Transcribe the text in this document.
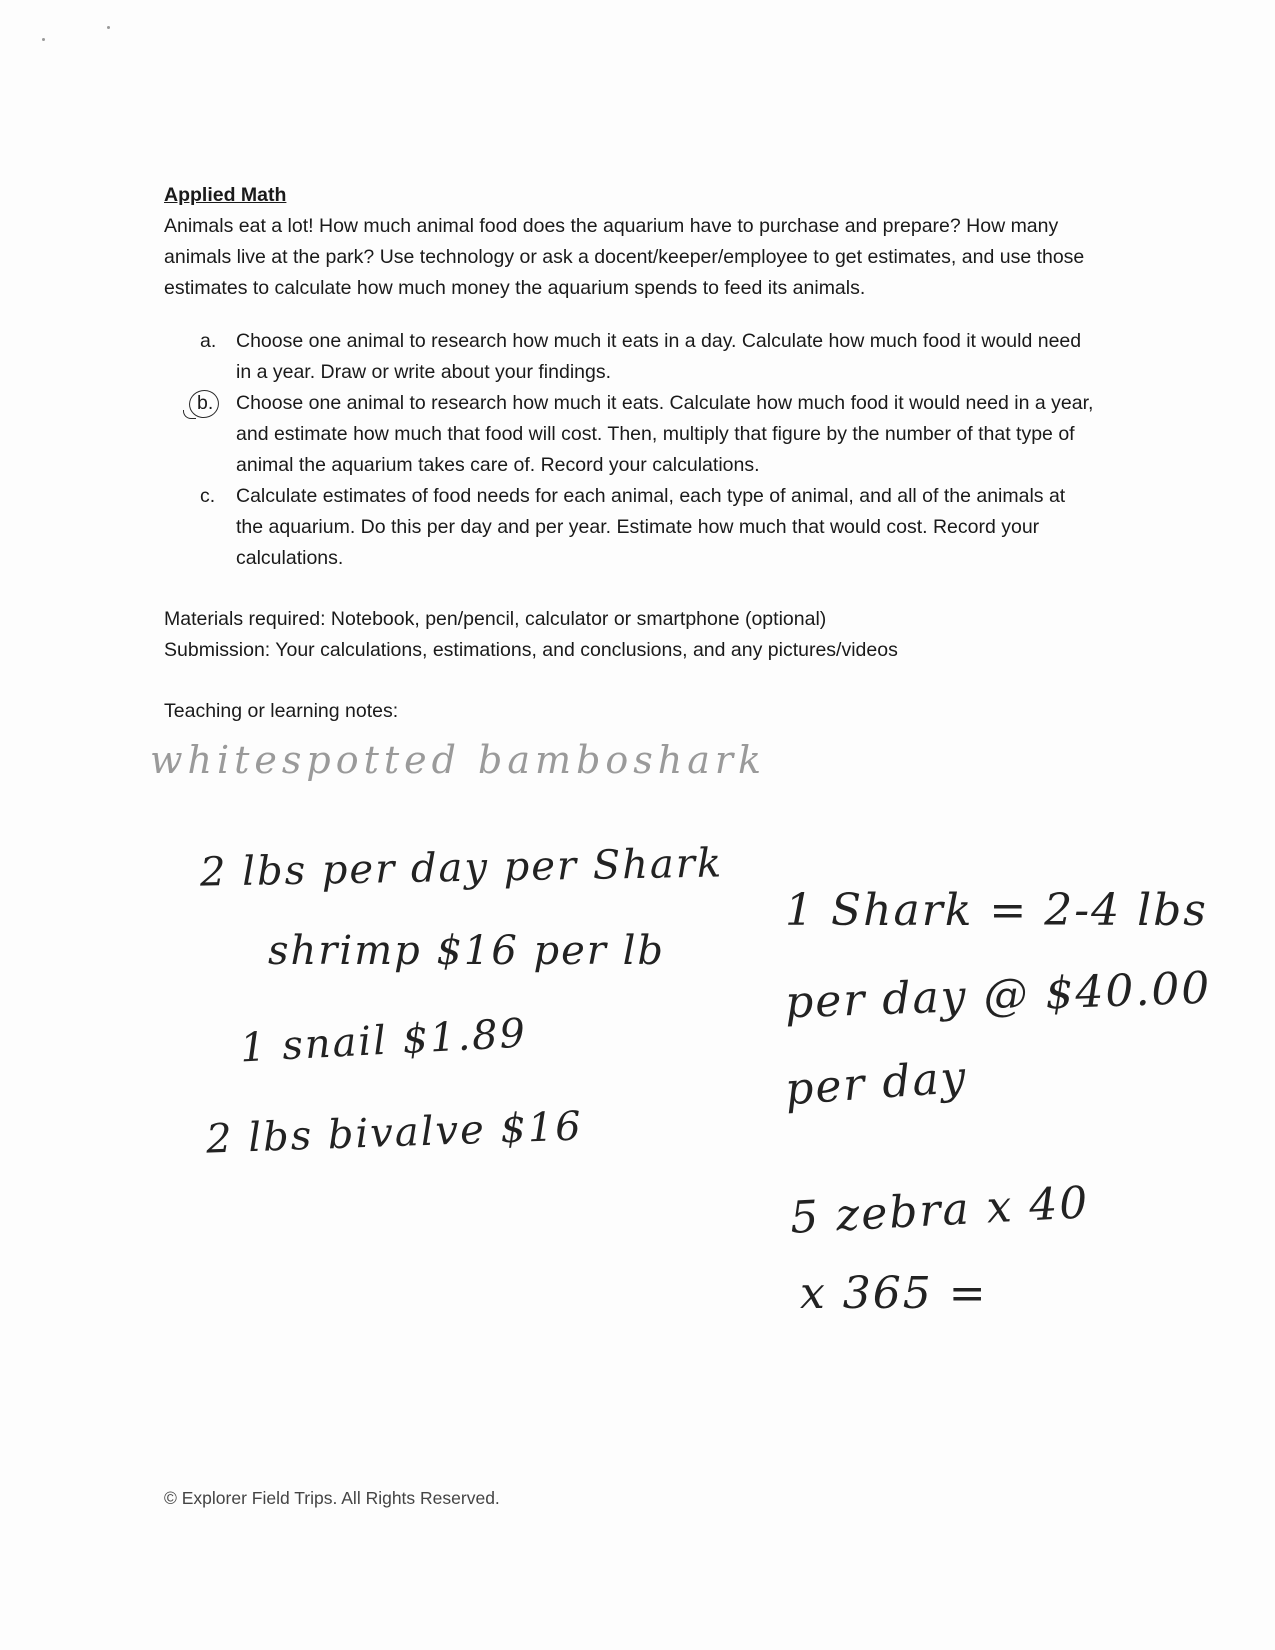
Applied Math

Animals eat a lot! How much animal food does the aquarium have to purchase and prepare? How many animals live at the park? Use technology or ask a docent/keeper/employee to get estimates, and use those estimates to calculate how much money the aquarium spends to feed its animals.

a. Choose one animal to research how much it eats in a day. Calculate how much food it would need in a year. Draw or write about your findings.
b. Choose one animal to research how much it eats. Calculate how much food it would need in a year, and estimate how much that food will cost. Then, multiply that figure by the number of that type of animal the aquarium takes care of. Record your calculations.
c. Calculate estimates of food needs for each animal, each type of animal, and all of the animals at the aquarium. Do this per day and per year. Estimate how much that would cost. Record your calculations.
Materials required: Notebook, pen/pencil, calculator or smartphone (optional)
Submission: Your calculations, estimations, and conclusions, and any pictures/videos
Teaching or learning notes:
whitespotted bamboshark
2 lbs per day per Shark
shrimp $16 per lb
1 snail $1.89
2 lbs bivalve $16
1 Shark = 2-4 lbs
per day @ $40.00
per day
5 zebra x 40
x 365 =
© Explorer Field Trips. All Rights Reserved.
